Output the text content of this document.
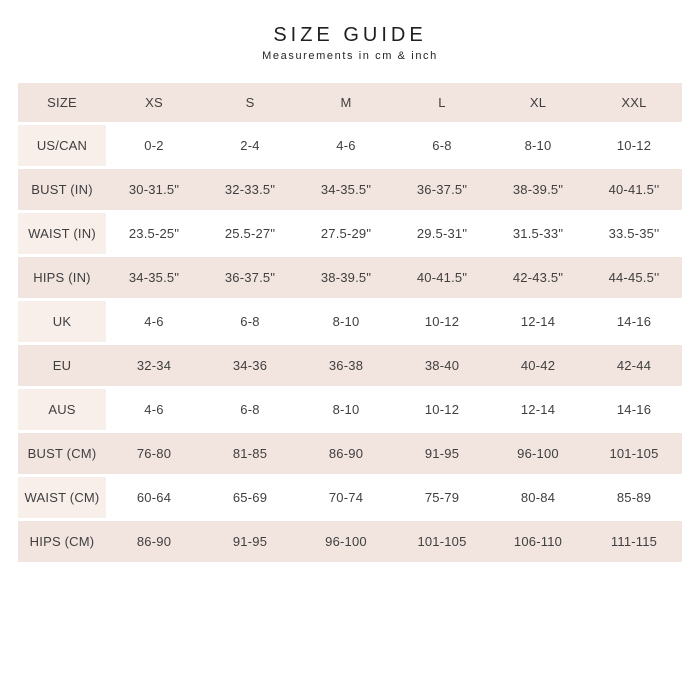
SIZE GUIDE

Measurements in cm & inch

SIZE	XS	S	M	L	XL	XXL
US/CAN	0-2	2-4	4-6	6-8	8-10	10-12
BUST (IN)	30-31.5"	32-33.5"	34-35.5"	36-37.5"	38-39.5"	40-41.5''
WAIST (IN)	23.5-25"	25.5-27"	27.5-29"	29.5-31"	31.5-33"	33.5-35''
HIPS (IN)	34-35.5"	36-37.5"	38-39.5"	40-41.5"	42-43.5"	44-45.5''
UK	4-6	6-8	8-10	10-12	12-14	14-16
EU	32-34	34-36	36-38	38-40	40-42	42-44
AUS	4-6	6-8	8-10	10-12	12-14	14-16
BUST (CM)	76-80	81-85	86-90	91-95	96-100	101-105
WAIST (CM)	60-64	65-69	70-74	75-79	80-84	85-89
HIPS (CM)	86-90	91-95	96-100	101-105	106-110	111-115
